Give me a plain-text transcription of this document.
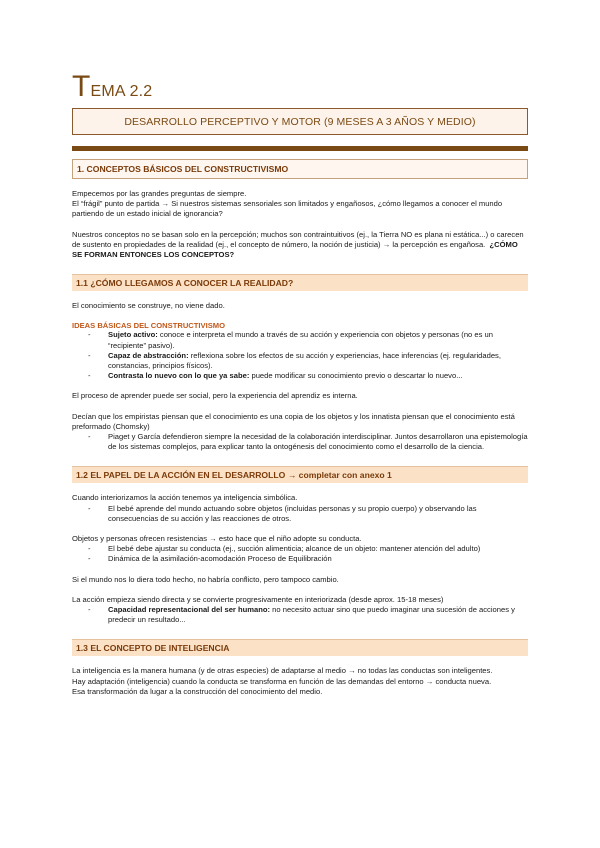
TEMA 2.2
DESARROLLO PERCEPTIVO Y MOTOR (9 MESES A 3 AÑOS Y MEDIO)
1. CONCEPTOS BÁSICOS DEL CONSTRUCTIVISMO

Empecemos por las grandes preguntas de siempre.

El “frágil” punto de partida → Si nuestros sistemas sensoriales son limitados y engañosos, ¿cómo llegamos a conocer el mundo partiendo de un estado inicial de ignorancia?

Nuestros conceptos no se basan solo en la percepción; muchos son contraintuitivos (ej., la Tierra NO es plana ni estática...) o carecen de sustento en propiedades de la realidad (ej., el concepto de número, la noción de justicia) → la percepción es engañosa. ¿CÓMO SE FORMAN ENTONCES LOS CONCEPTOS?

1.1 ¿CÓMO LLEGAMOS A CONOCER LA REALIDAD?

El conocimiento se construye, no viene dado.

IDEAS BÁSICAS DEL CONSTRUCTIVISMO
- Sujeto activo: conoce e interpreta el mundo a través de su acción y experiencia con objetos y personas (no es un “recipiente” pasivo).
- Capaz de abstracción: reflexiona sobre los efectos de su acción y experiencias, hace inferencias (ej. regularidades, constancias, principios físicos).
- Contrasta lo nuevo con lo que ya sabe: puede modificar su conocimiento previo o descartar lo nuevo...

El proceso de aprender puede ser social, pero la experiencia del aprendiz es interna.

Decían que los empiristas piensan que el conocimiento es una copia de los objetos y los innatista piensan que el conocimiento está preformado (Chomsky)

- Piaget y García defendieron siempre la necesidad de la colaboración interdisciplinar. Juntos desarrollaron una epistemología de los sistemas complejos, para explicar tanto la ontogénesis del conocimiento como el desarrollo de la ciencia.
1.2 EL PAPEL DE LA ACCIÓN EN EL DESARROLLO → completar con anexo 1

Cuando interiorizamos la acción tenemos ya inteligencia simbólica.

- El bebé aprende del mundo actuando sobre objetos (incluidas personas y su propio cuerpo) y observando las consecuencias de su acción y las reacciones de otros.

Objetos y personas ofrecen resistencias → esto hace que el niño adopte su conducta.

- El bebé debe ajustar su conducta (ej., succión alimenticia; alcance de un objeto: mantener atención del adulto)
- Dinámica de la asimilación-acomodación Proceso de Equilibración

Si el mundo nos lo diera todo hecho, no habría conflicto, pero tampoco cambio.

La acción empieza siendo directa y se convierte progresivamente en interiorizada (desde aprox. 15-18 meses)

- Capacidad representacional del ser humano: no necesito actuar sino que puedo imaginar una sucesión de acciones y predecir un resultado...
1.3 EL CONCEPTO DE INTELIGENCIA

La inteligencia es la manera humana (y de otras especies) de adaptarse al medio → no todas las conductas son inteligentes.

Hay adaptación (inteligencia) cuando la conducta se transforma en función de las demandas del entorno → conducta nueva.

Esa transformación da lugar a la construcción del conocimiento del medio.
